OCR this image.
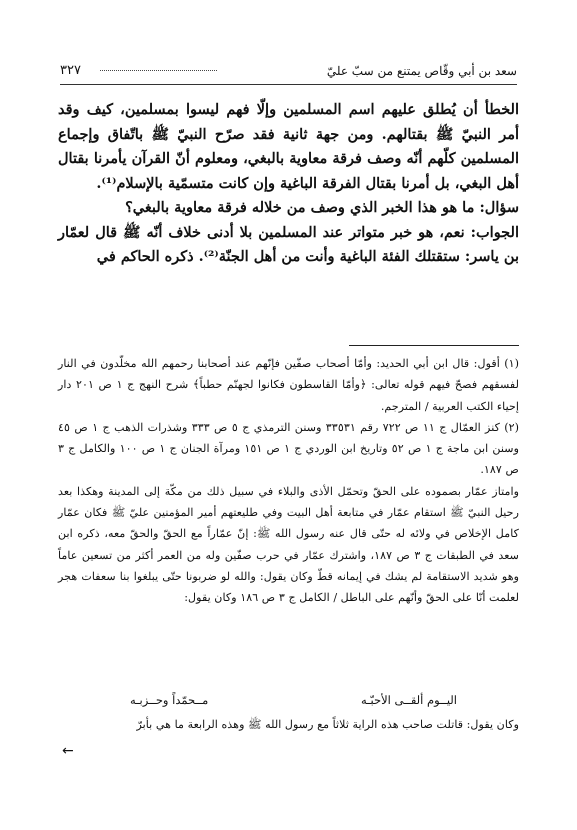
سعد بن أبي وقّاص يمتنع من سبّ عليّ
٣٢٧

الخطأ أن يُطلق عليهم اسم المسلمين وإلّا فهم ليسوا بمسلمين، كيف وقد أمر النبيّ ﷺ بقتالهم. ومن جهة ثانية فقد صرّح النبيّ ﷺ باتّفاق وإجماع المسلمين كلّهم أنّه وصف فرقة معاوية بالبغي، ومعلوم أنّ القرآن يأمرنا بقتال أهل البغي، بل أمرنا بقتال الفرقة الباغية وإن كانت متسمّية بالإسلام⁽¹⁾.

سؤال: ما هو هذا الخبر الذي وصف من خلاله فرقة معاوية بالبغي؟

الجواب: نعم، هو خبر متواتر عند المسلمين بلا أدنى خلاف أنّه ﷺ قال لعمّار بن ياسر: ستقتلك الفئة الباغية وأنت من أهل الجنّة⁽²⁾. ذكره الحاكم في

(١) أقول: قال ابن أبي الحديد: وأمّا أصحاب صفّين فإنّهم عند أصحابنا رحمهم الله مخلّدون في النار لفسقهم فصحّ فيهم قوله تعالى: ﴿وأمّا القاسطون فكانوا لجهنّم حطباً﴾ شرح النهج ج ١ ص ٢٠١ دار إحياء الكتب العربية / المترجم.

(٢) كنز العمّال ج ١١ ص ٧٢٢ رقم ٣٣٥٣١ وسنن الترمذي ج ٥ ص ٣٣٣ وشذرات الذهب ج ١ ص ٤٥ وسنن ابن ماجة ج ١ ص ٥٢ وتاريخ ابن الوردي ج ١ ص ١٥١ ومرآة الجنان ج ١ ص ١٠٠ والكامل ج ٣ ص ١٨٧.

وامتاز عمّار بصموده على الحقّ وتحمّل الأذى والبلاء في سبيل ذلك من مكّة إلى المدينة وهكذا بعد رحيل النبيّ ﷺ استقام عمّار في متابعة أهل البيت وفي طليعتهم أمير المؤمنين عليّ ﷺ فكان عمّار كامل الإخلاص في ولائه له حتّى قال عنه رسول الله ﷺ: إنّ عمّاراً مع الحقّ والحقّ معه، ذكره ابن سعد في الطبقات ج ٣ ص ١٨٧، واشترك عمّار في حرب صفّين وله من العمر أكثر من تسعين عاماً وهو شديد الاستقامة لم يشك في إيمانه قطّ وكان يقول: والله لو ضربونا حتّى يبلغوا بنا سعفات هجر لعلمت أنّا على الحقّ وأنّهم على الباطل / الكامل ج ٣ ص ١٨٦ وكان يقول:

اليــوم ألقــى الأحبّـه
مــحمّداً وحــزبـه
وكان يقول: قاتلت صاحب هذه الراية ثلاثاً مع رسول الله ﷺ وهذه الرابعة ما هي بأبرّ
←
